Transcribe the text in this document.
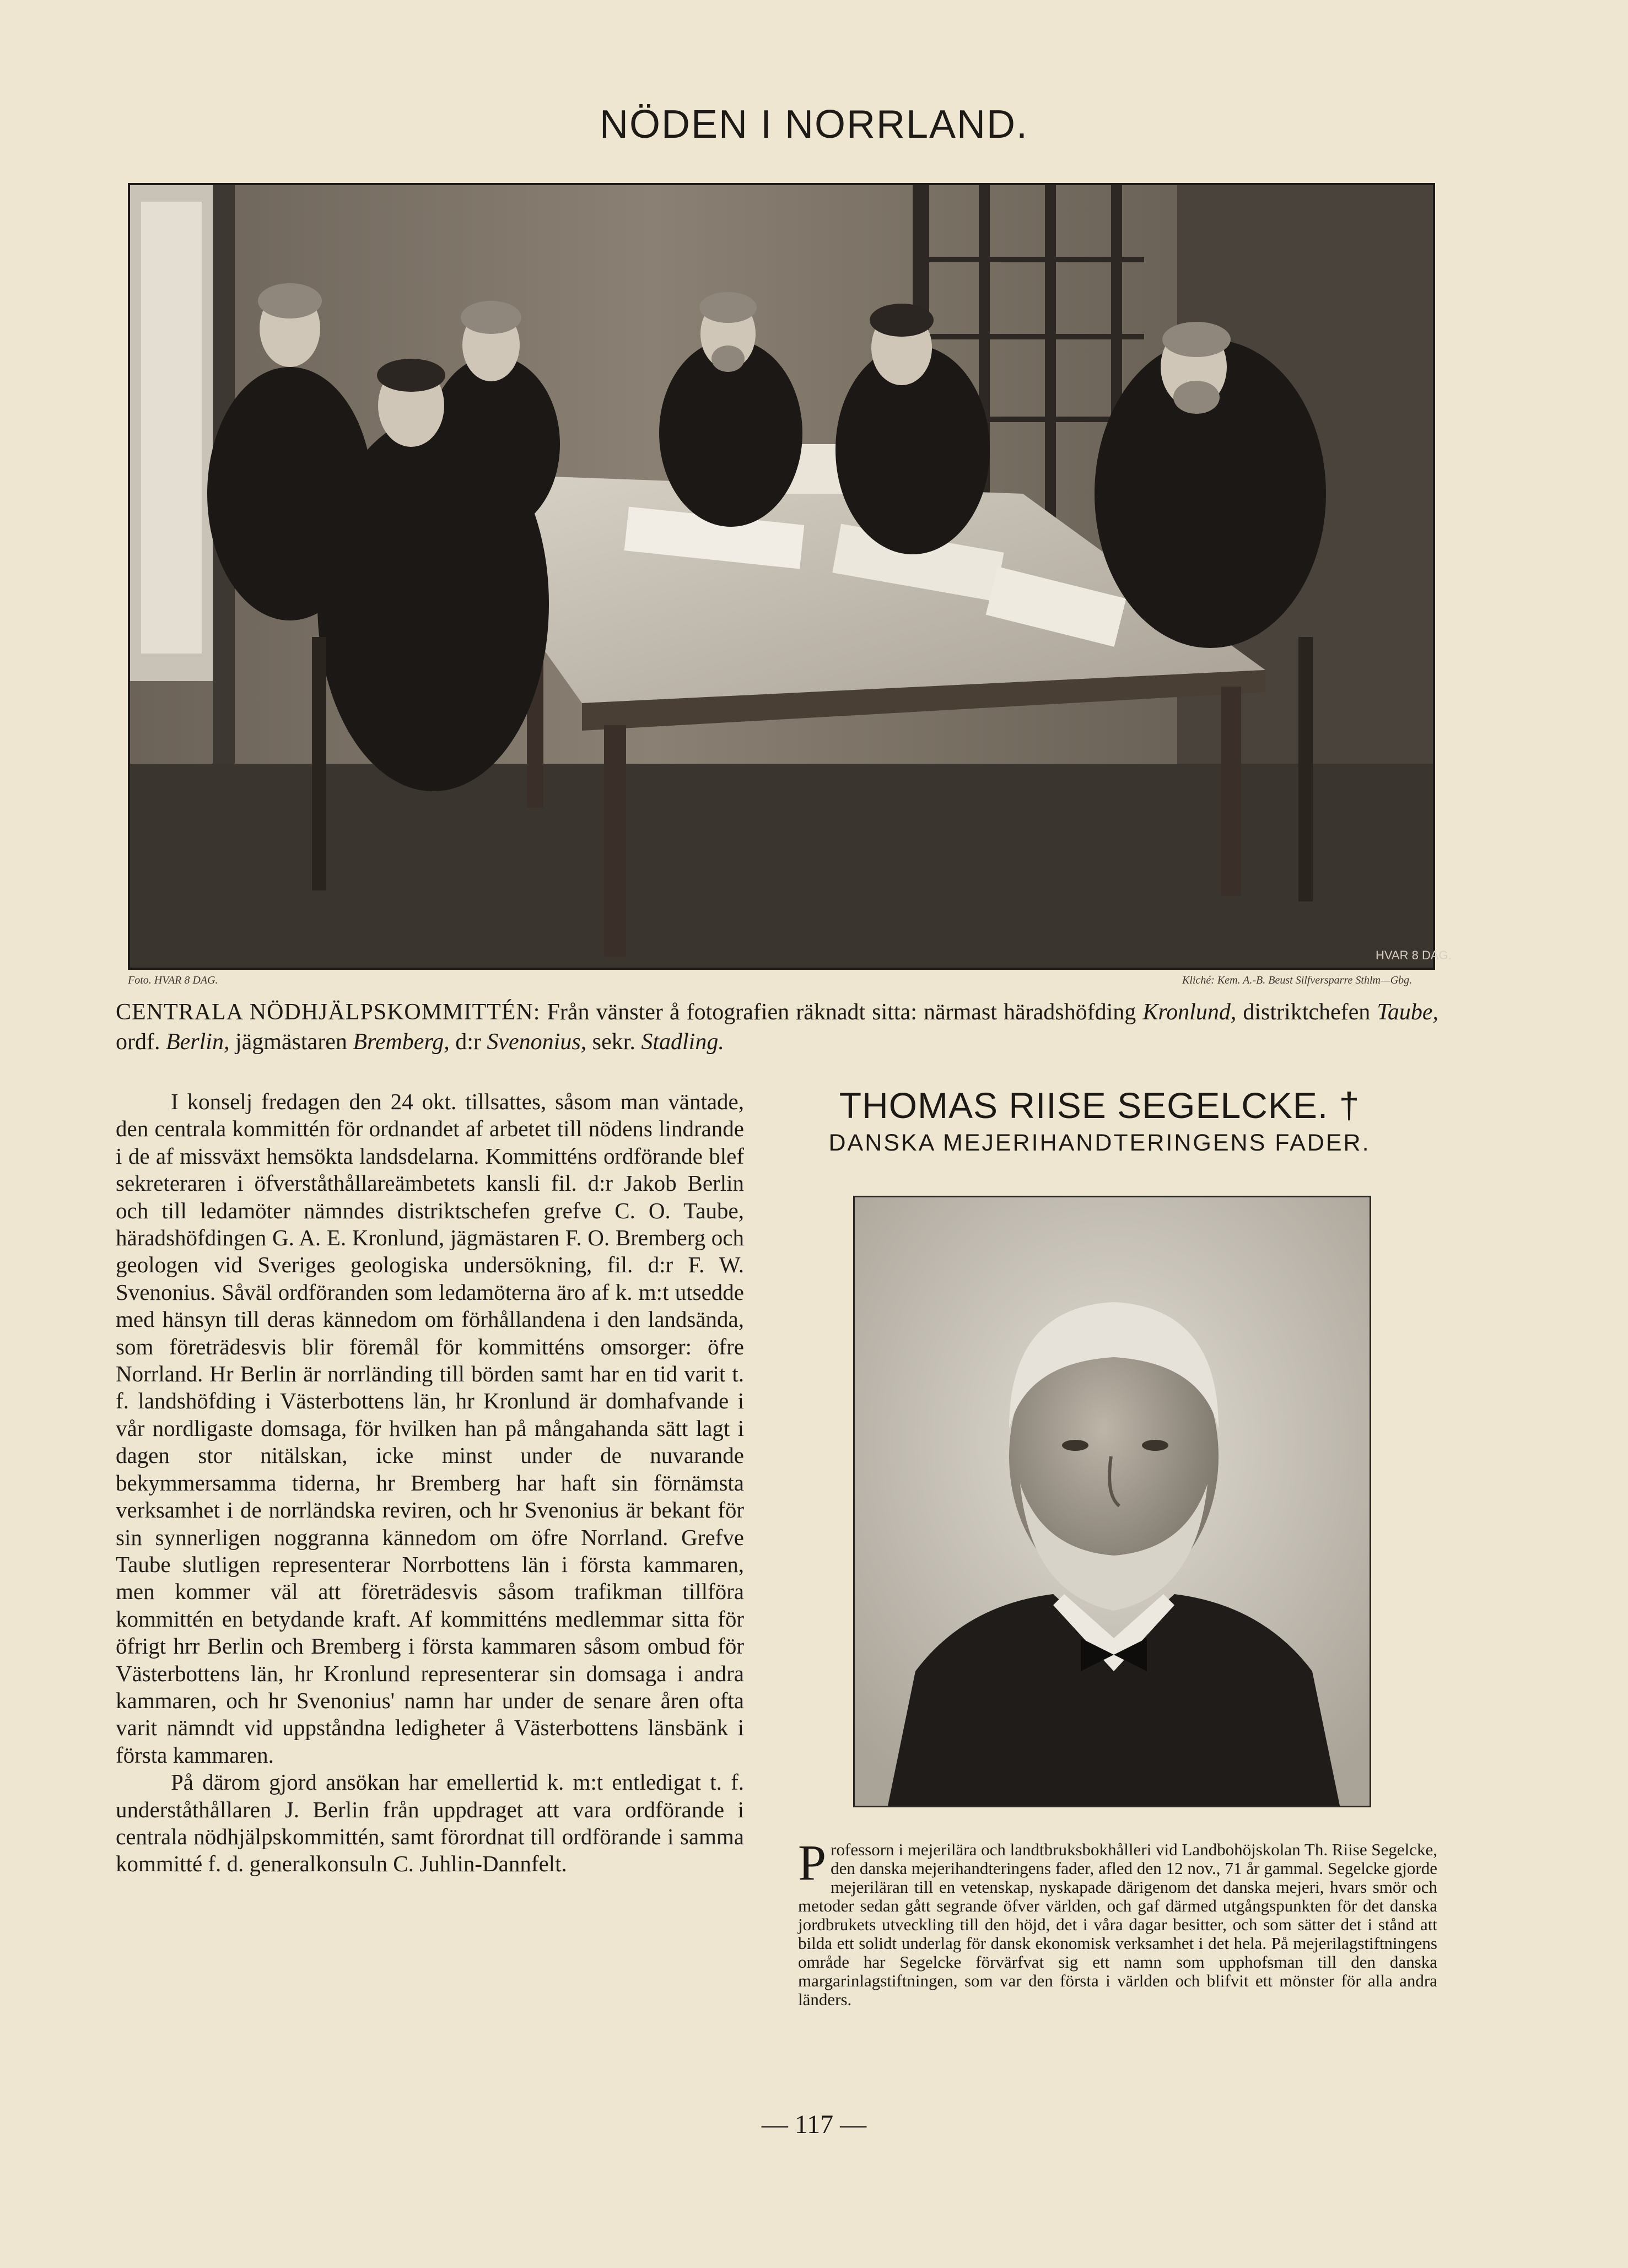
NÖDEN I NORRLAND.
HVAR 8 DAG.
Foto. HVAR 8 DAG.	Kliché: Kem. A.-B. Beust Silfversparre Sthlm—Gbg.
CENTRALA NÖDHJÄLPSKOMMITTÉN: Från vänster å fotografien räknadt sitta: närmast häradshöfding Kronlund, distriktchefen Taube, ordf. Berlin, jägmästaren Bremberg, d:r Svenonius, sekr. Stadling.

I konselj fredagen den 24 okt. tillsattes, såsom man väntade, den centrala kommittén för ordnandet af arbetet till nödens lindrande i de af missväxt hemsökta landsdelarna. Kommitténs ordförande blef sekreteraren i öfverståthållareämbetets kansli fil. d:r Jakob Berlin och till ledamöter nämndes distriktschefen grefve C. O. Taube, häradshöfdingen G. A. E. Kronlund, jägmästaren F. O. Bremberg och geologen vid Sveriges geologiska undersökning, fil. d:r F. W. Svenonius. Såväl ordföranden som ledamöterna äro af k. m:t utsedde med hänsyn till deras kännedom om förhållandena i den landsända, som företrädesvis blir föremål för kommitténs omsorger: öfre Norrland. Hr Berlin är norrländing till börden samt har en tid varit t. f. landshöfding i Västerbottens län, hr Kronlund är domhafvande i vår nordligaste domsaga, för hvilken han på mångahanda sätt lagt i dagen stor nitälskan, icke minst under de nuvarande bekymmersamma tiderna, hr Bremberg har haft sin förnämsta verksamhet i de norrländska reviren, och hr Svenonius är bekant för sin synnerligen noggranna kännedom om öfre Norrland. Grefve Taube slutligen representerar Norrbottens län i första kammaren, men kommer väl att företrädesvis såsom trafikman tillföra kommittén en betydande kraft. Af kommitténs medlemmar sitta för öfrigt hrr Berlin och Bremberg i första kammaren såsom ombud för Västerbottens län, hr Kronlund representerar sin domsaga i andra kammaren, och hr Svenonius' namn har under de senare åren ofta varit nämndt vid uppståndna ledigheter å Västerbottens länsbänk i första kammaren.

På därom gjord ansökan har emellertid k. m:t entledigat t. f. underståthållaren J. Berlin från uppdraget att vara ordförande i centrala nödhjälpskommittén, samt förordnat till ordförande i samma kommitté f. d. generalkonsuln C. Juhlin-Dannfelt.

THOMAS RIISE SEGELCKE. †
DANSKA MEJERIHANDTERINGENS FADER.
P rofessorn i mejerilära och landtbruksbokhålleri vid Landbohöjskolan Th. Riise Segelcke, den danska mejerihandteringens fader, afled den 12 nov., 71 år gammal. Segelcke gjorde mejeriläran till en vetenskap, nyskapade därigenom det danska mejeri, hvars smör och metoder sedan gått segrande öfver världen, och gaf därmed utgångspunkten för det danska jordbrukets utveckling till den höjd, det i våra dagar besitter, och som sätter det i stånd att bilda ett solidt underlag för dansk ekonomisk verksamhet i det hela. På mejerilagstiftningens område har Segelcke förvärfvat sig ett namn som upphofsman till den danska margarinlagstiftningen, som var den första i världen och blifvit ett mönster för alla andra länders.
— 117 —
